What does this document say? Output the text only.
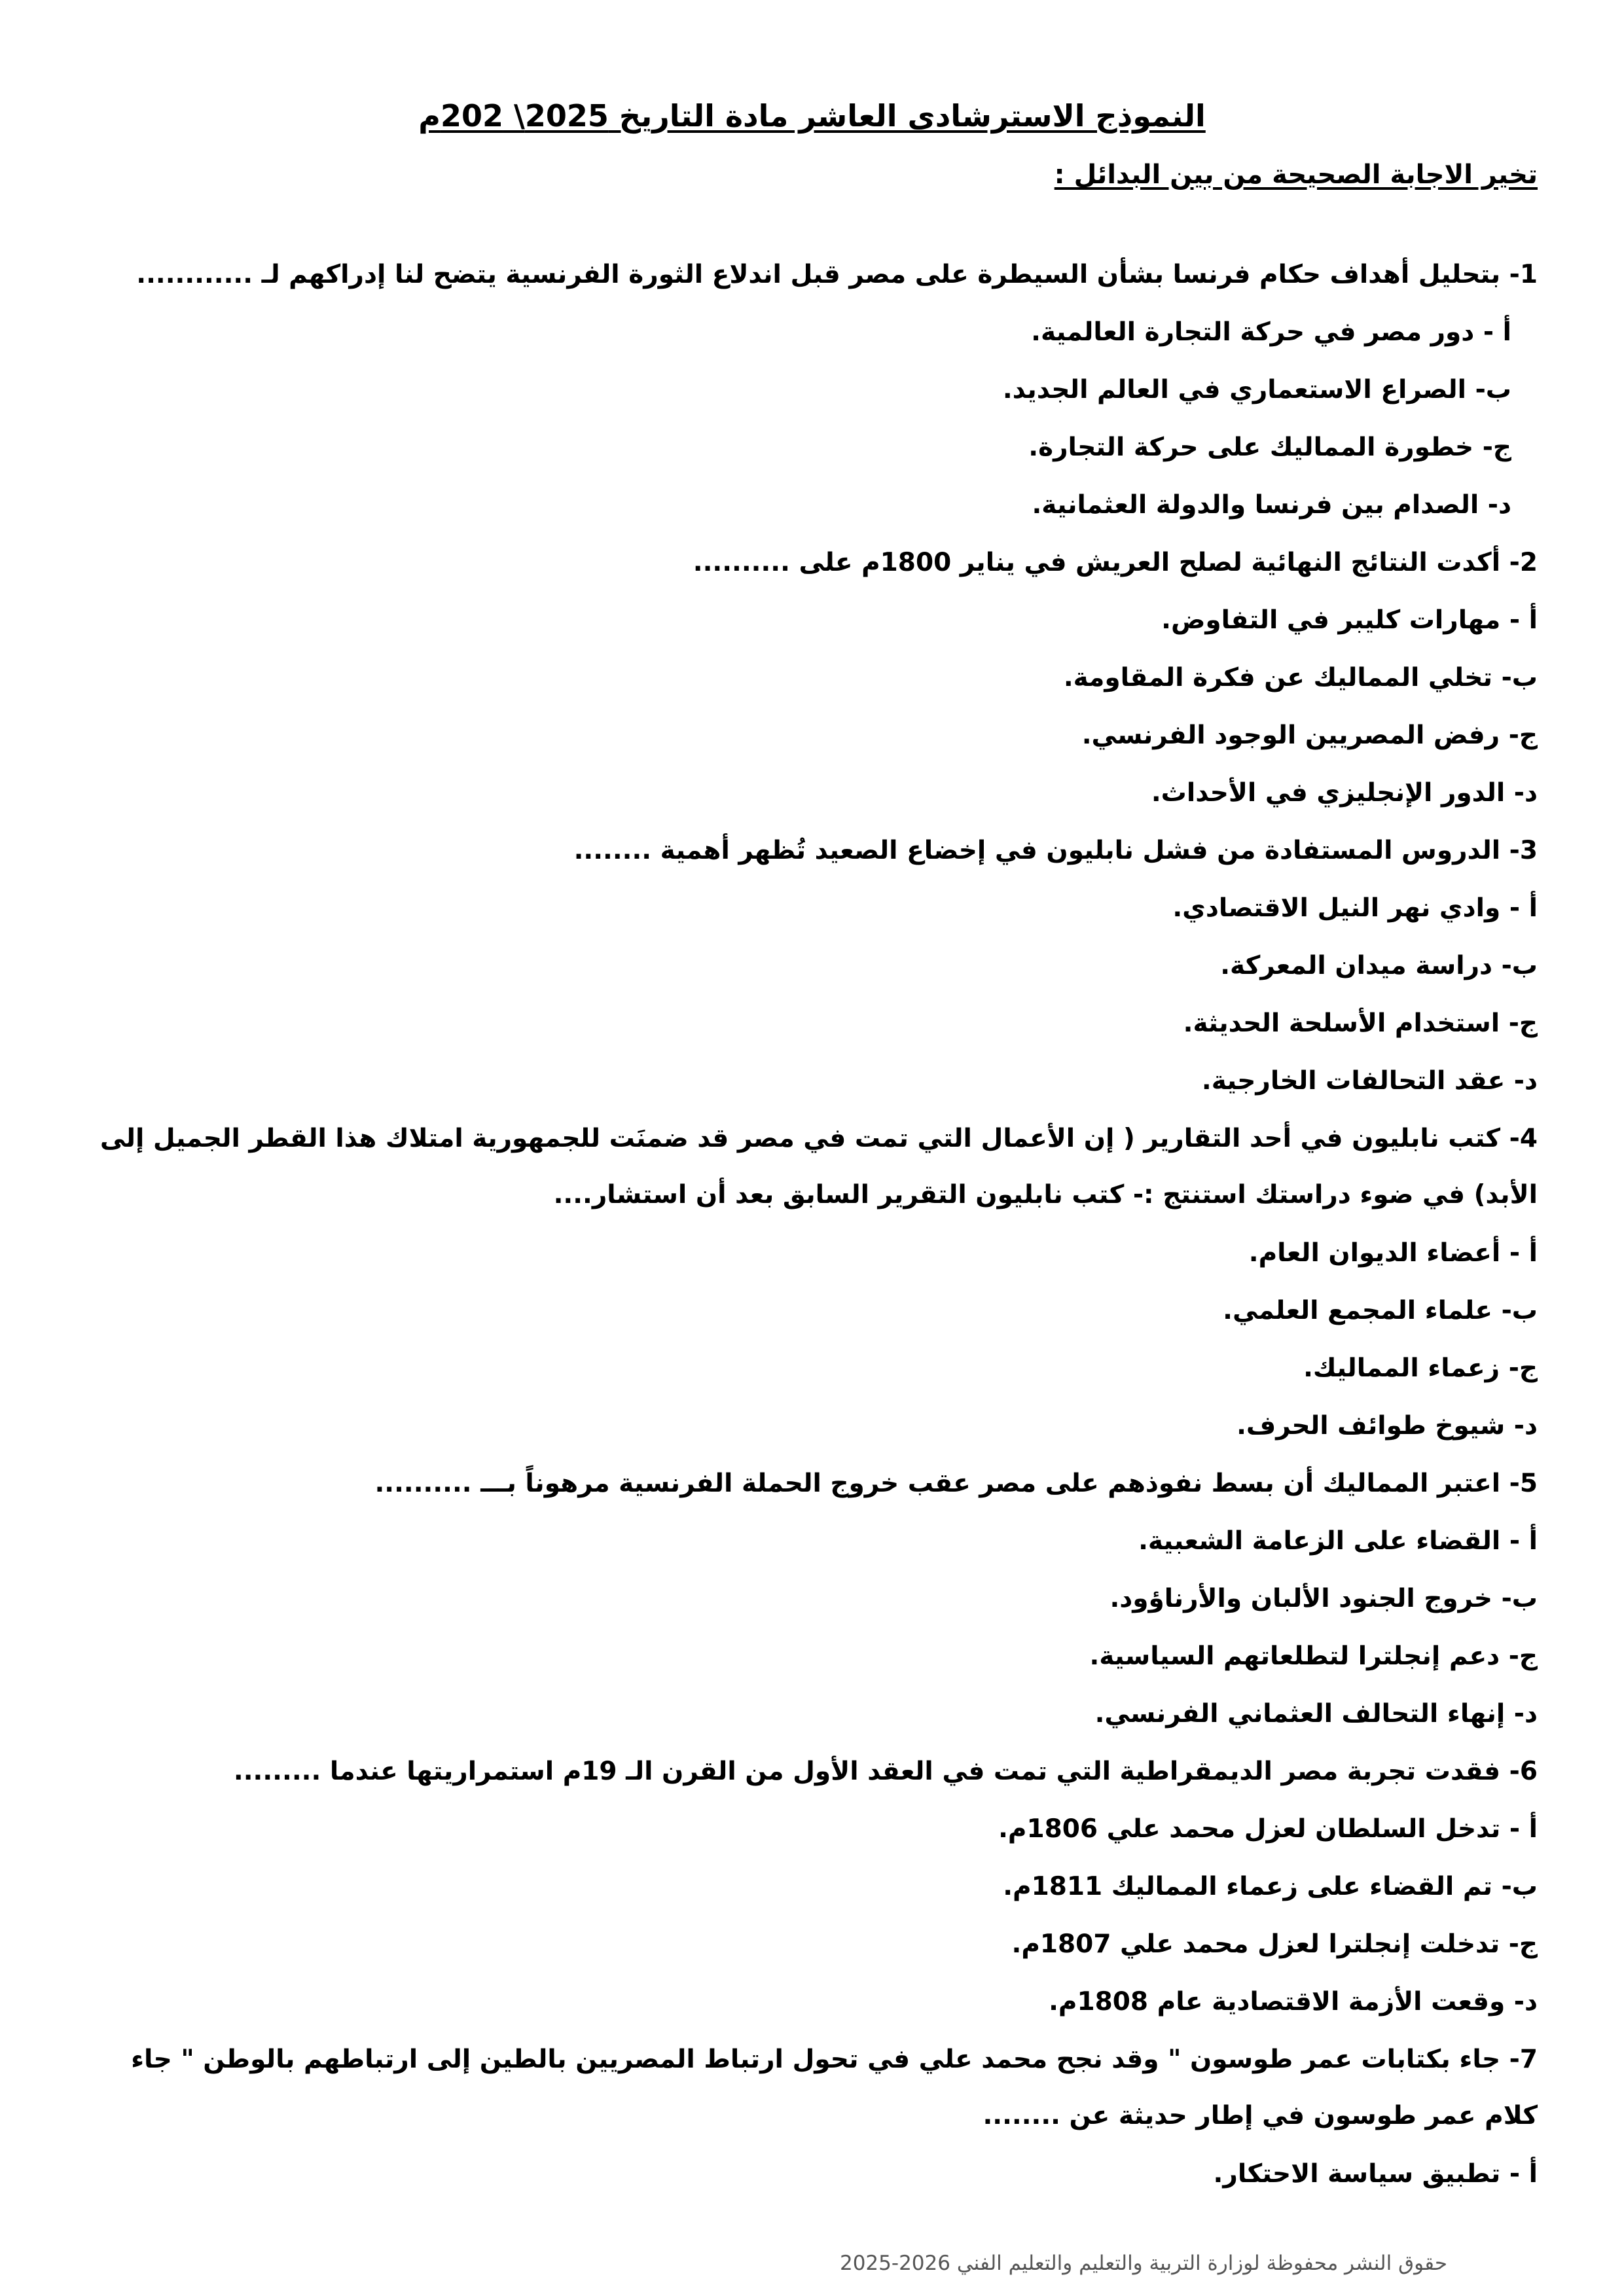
النموذج الاسترشادى العاشر مادة التاريخ 2025\ 202م

تخير الاجابة الصحيحة من بين البدائل :

1- بتحليل أهداف حكام فرنسا بشأن السيطرة على مصر قبل اندلاع الثورة الفرنسية يتضح لنا إدراكهم لـ ............

أ - دور مصر في حركة التجارة العالمية.

ب- الصراع الاستعماري في العالم الجديد.

ج- خطورة المماليك على حركة التجارة.

د- الصدام بين فرنسا والدولة العثمانية.

2- أكدت النتائج النهائية لصلح العريش في يناير 1800م على ..........

أ - مهارات كليبر في التفاوض.

ب- تخلي المماليك عن فكرة المقاومة.

ج- رفض المصريين الوجود الفرنسي.

د- الدور الإنجليزي في الأحداث.

3- الدروس المستفادة من فشل نابليون في إخضاع الصعيد تُظهر أهمية ........

أ - وادي نهر النيل الاقتصادي.

ب- دراسة ميدان المعركة.

ج- استخدام الأسلحة الحديثة.

د- عقد التحالفات الخارجية.

4- كتب نابليون في أحد التقارير ( إن الأعمال التي تمت في مصر قد ضمنَت للجمهورية امتلاك هذا القطر الجميل إلى الأبد) في ضوء دراستك استنتج :- كتب نابليون التقرير السابق بعد أن استشار....

أ - أعضاء الديوان العام.

ب- علماء المجمع العلمي.

ج- زعماء المماليك.

د- شيوخ طوائف الحرف.

5- اعتبر المماليك أن بسط نفوذهم على مصر عقب خروج الحملة الفرنسية مرهوناً بـــ ..........

أ - القضاء على الزعامة الشعبية.

ب- خروج الجنود الألبان والأرناؤود.

ج- دعم إنجلترا لتطلعاتهم السياسية.

د- إنهاء التحالف العثماني الفرنسي.

6- فقدت تجربة مصر الديمقراطية التي تمت في العقد الأول من القرن الـ 19م استمراريتها عندما .........

أ - تدخل السلطان لعزل محمد علي 1806م.

ب- تم القضاء على زعماء المماليك 1811م.

ج- تدخلت إنجلترا لعزل محمد علي 1807م.

د- وقعت الأزمة الاقتصادية عام 1808م.

7- جاء بكتابات عمر طوسون " وقد نجح محمد علي في تحول ارتباط المصريين بالطين إلى ارتباطهم بالوطن " جاء كلام عمر طوسون في إطار حديثة عن ........

أ - تطبيق سياسة الاحتكار.

حقوق النشر محفوظة لوزارة التربية والتعليم والتعليم الفني 2026-2025
